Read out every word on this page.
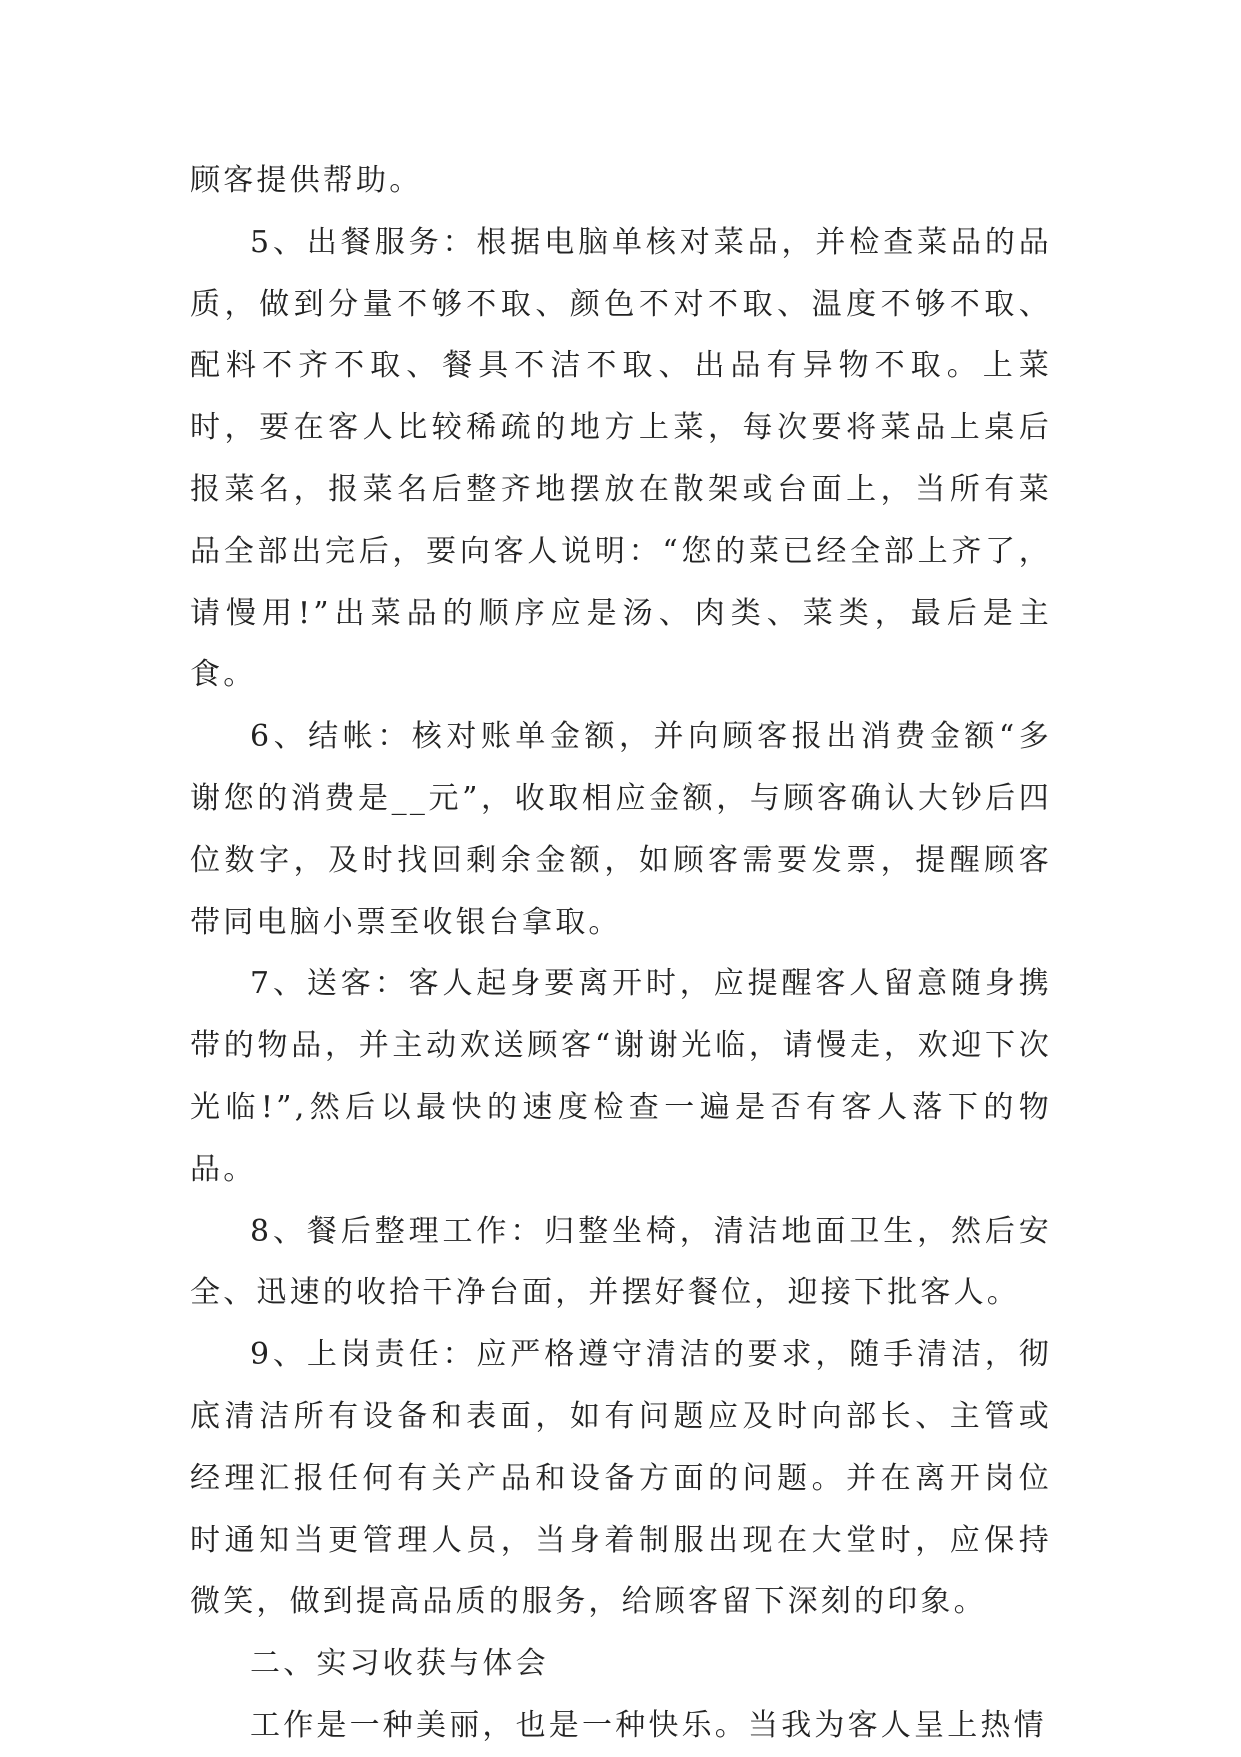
顾客提供帮助。

5、出餐服务：根据电脑单核对菜品，并检查菜品的品质，做到分量不够不取、颜色不对不取、温度不够不取、配料不齐不取、餐具不洁不取、出品有异物不取。上菜时，要在客人比较稀疏的地方上菜，每次要将菜品上桌后报菜名，报菜名后整齐地摆放在散架或台面上，当所有菜品全部出完后，要向客人说明：“您的菜已经全部上齐了，请慢用!”出菜品的顺序应是汤、肉类、菜类，最后是主食。

6、结帐：核对账单金额，并向顾客报出消费金额“多谢您的消费是__元”，收取相应金额，与顾客确认大钞后四位数字，及时找回剩余金额，如顾客需要发票，提醒顾客带同电脑小票至收银台拿取。

7、送客：客人起身要离开时，应提醒客人留意随身携带的物品，并主动欢送顾客“谢谢光临，请慢走，欢迎下次光临!”,然后以最快的速度检查一遍是否有客人落下的物品。

8、餐后整理工作：归整坐椅，清洁地面卫生，然后安全、迅速的收拾干净台面，并摆好餐位，迎接下批客人。

9、上岗责任：应严格遵守清洁的要求，随手清洁，彻底清洁所有设备和表面，如有问题应及时向部长、主管或经理汇报任何有关产品和设备方面的问题。并在离开岗位时通知当更管理人员，当身着制服出现在大堂时，应保持微笑，做到提高品质的服务，给顾客留下深刻的印象。

二、实习收获与体会

工作是一种美丽，也是一种快乐。当我为客人呈上热情
